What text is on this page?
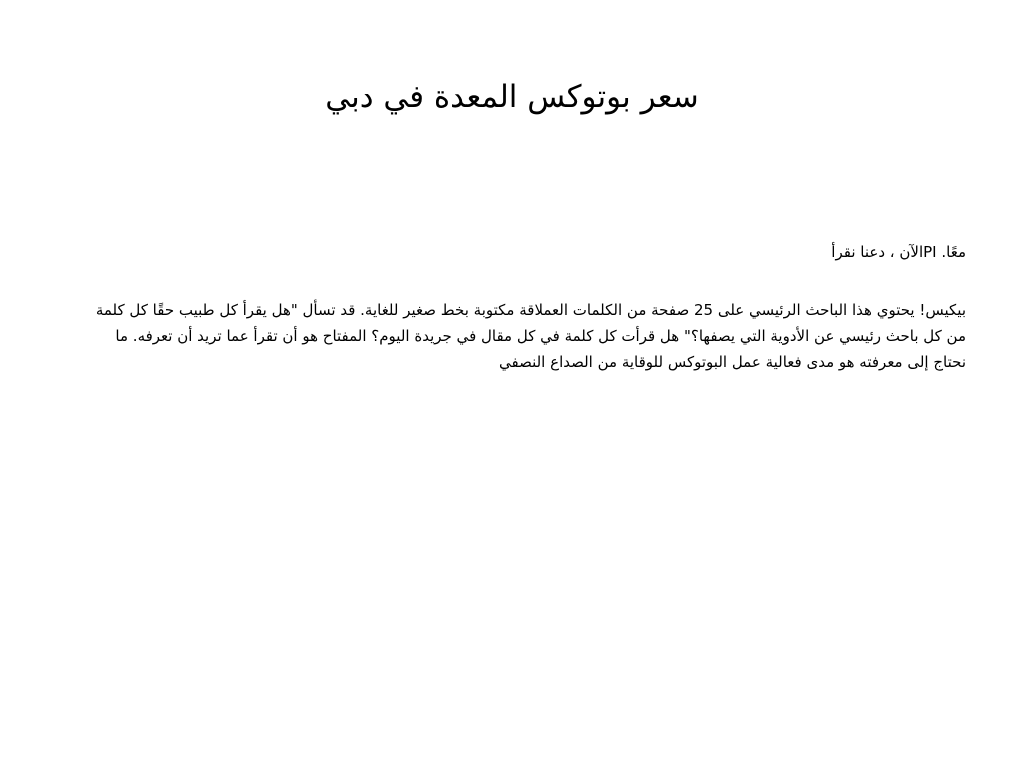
سعر بوتوكس المعدة في دبي

معًا. PIالآن ، دعنا نقرأ

بيكيس! يحتوي هذا الباحث الرئيسي على 25 صفحة من الكلمات العملاقة مكتوبة بخط صغير للغاية. قد تسأل "هل يقرأ كل طبيب حقًا كل كلمة من كل باحث رئيسي عن الأدوية التي يصفها؟" هل قرأت كل كلمة في كل مقال في جريدة اليوم؟ المفتاح هو أن تقرأ عما تريد أن تعرفه. ما نحتاج إلى معرفته هو مدى فعالية عمل البوتوكس للوقاية من الصداع النصفي
